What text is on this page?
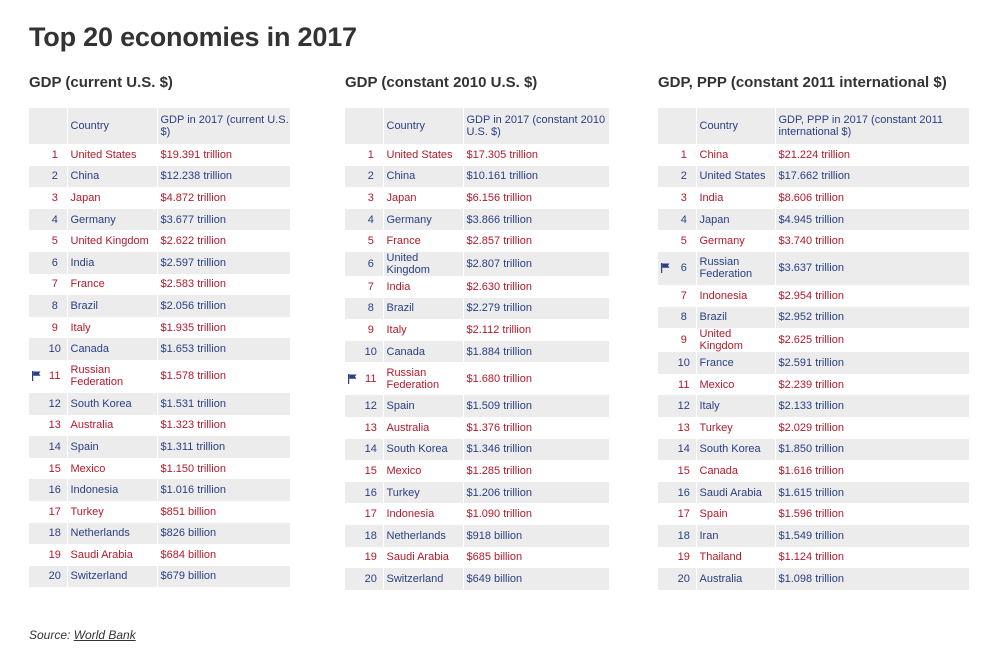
Top 20 economies in 2017
GDP (current U.S. $)
		Country	GDP in 2017 (current U.S. $)
	1	United States	$19.391 trillion
	2	China	$12.238 trillion
	3	Japan	$4.872 trillion
	4	Germany	$3.677 trillion
	5	United Kingdom	$2.622 trillion
	6	India	$2.597 trillion
	7	France	$2.583 trillion
	8	Brazil	$2.056 trillion
	9	Italy	$1.935 trillion
	10	Canada	$1.653 trillion

	11	Russian Federation	$1.578 trillion
	12	South Korea	$1.531 trillion
	13	Australia	$1.323 trillion
	14	Spain	$1.311 trillion
	15	Mexico	$1.150 trillion
	16	Indonesia	$1.016 trillion
	17	Turkey	$851 billion
	18	Netherlands	$826 billion
	19	Saudi Arabia	$684 billion
	20	Switzerland	$679 billion
GDP (constant 2010 U.S. $)
		Country	GDP in 2017 (constant 2010 U.S. $)
	1	United States	$17.305 trillion
	2	China	$10.161 trillion
	3	Japan	$6.156 trillion
	4	Germany	$3.866 trillion
	5	France	$2.857 trillion
	6	United Kingdom	$2.807 trillion
	7	India	$2.630 trillion
	8	Brazil	$2.279 trillion
	9	Italy	$2.112 trillion
	10	Canada	$1.884 trillion

	11	Russian Federation	$1.680 trillion
	12	Spain	$1.509 trillion
	13	Australia	$1.376 trillion
	14	South Korea	$1.346 trillion
	15	Mexico	$1.285 trillion
	16	Turkey	$1.206 trillion
	17	Indonesia	$1.090 trillion
	18	Netherlands	$918 billion
	19	Saudi Arabia	$685 billion
	20	Switzerland	$649 billion
GDP, PPP (constant 2011 international $)
		Country	GDP, PPP in 2017 (constant 2011 international $)
	1	China	$21.224 trillion
	2	United States	$17.662 trillion
	3	India	$8.606 trillion
	4	Japan	$4.945 trillion
	5	Germany	$3.740 trillion

	6	Russian Federation	$3.637 trillion
	7	Indonesia	$2.954 trillion
	8	Brazil	$2.952 trillion
	9	United Kingdom	$2.625 trillion
	10	France	$2.591 trillion
	11	Mexico	$2.239 trillion
	12	Italy	$2.133 trillion
	13	Turkey	$2.029 trillion
	14	South Korea	$1.850 trillion
	15	Canada	$1.616 trillion
	16	Saudi Arabia	$1.615 trillion
	17	Spain	$1.596 trillion
	18	Iran	$1.549 trillion
	19	Thailand	$1.124 trillion
	20	Australia	$1.098 trillion
Source: World Bank
